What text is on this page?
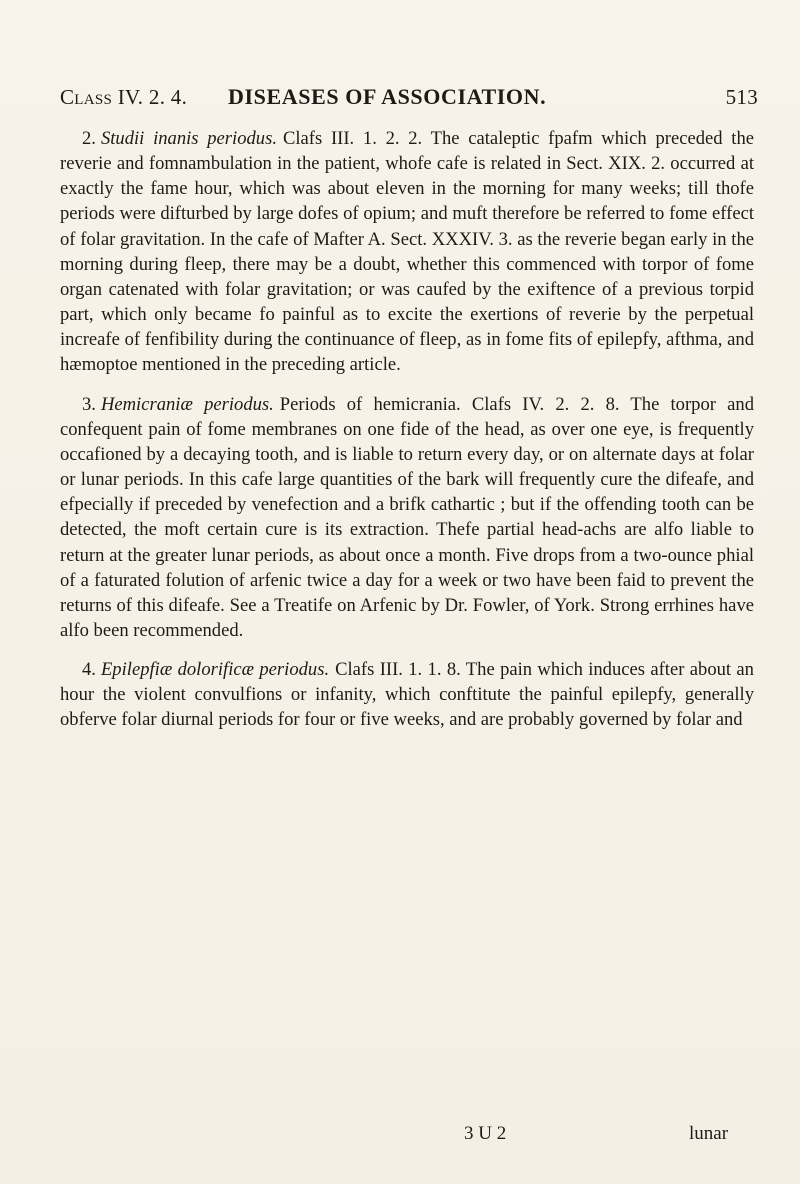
Class IV. 2. 4. DISEASES OF ASSOCIATION.	513

2. Studii inanis periodus. Clafs III. 1. 2. 2. The cataleptic fpafm which preceded the reverie and fomnambulation in the patient, whofe cafe is related in Sect. XIX. 2. occurred at exactly the fame hour, which was about eleven in the morning for many weeks; till thofe periods were difturbed by large dofes of opium; and muft therefore be referred to fome effect of folar gravitation. In the cafe of Mafter A. Sect. XXXIV. 3. as the reverie began early in the morning during fleep, there may be a doubt, whether this commenced with torpor of fome organ catenated with folar gravitation; or was caufed by the exiftence of a previous torpid part, which only became fo painful as to excite the exertions of reverie by the perpetual increafe of fenfibility during the continuance of fleep, as in fome fits of epilepfy, afthma, and hæmoptoe mentioned in the preceding article.

3. Hemicraniæ periodus. Periods of hemicrania. Clafs IV. 2. 2. 8. The torpor and confequent pain of fome membranes on one fide of the head, as over one eye, is frequently occafioned by a decaying tooth, and is liable to return every day, or on alternate days at folar or lunar periods. In this cafe large quantities of the bark will frequently cure the difeafe, and efpecially if preceded by venefection and a brifk cathartic ; but if the offending tooth can be detected, the moft certain cure is its extraction. Thefe partial head-achs are alfo liable to return at the greater lunar periods, as about once a month. Five drops from a two-ounce phial of a faturated folution of arfenic twice a day for a week or two have been faid to prevent the returns of this difeafe. See a Treatife on Arfenic by Dr. Fowler, of York. Strong errhines have alfo been recommended.

4. Epilepfiæ dolorificæ periodus. Clafs III. 1. 1. 8. The pain which induces after about an hour the violent convulfions or infanity, which conftitute the painful epilepfy, generally obferve folar diurnal periods for four or five weeks, and are probably governed by folar and

3 U 2	lunar
